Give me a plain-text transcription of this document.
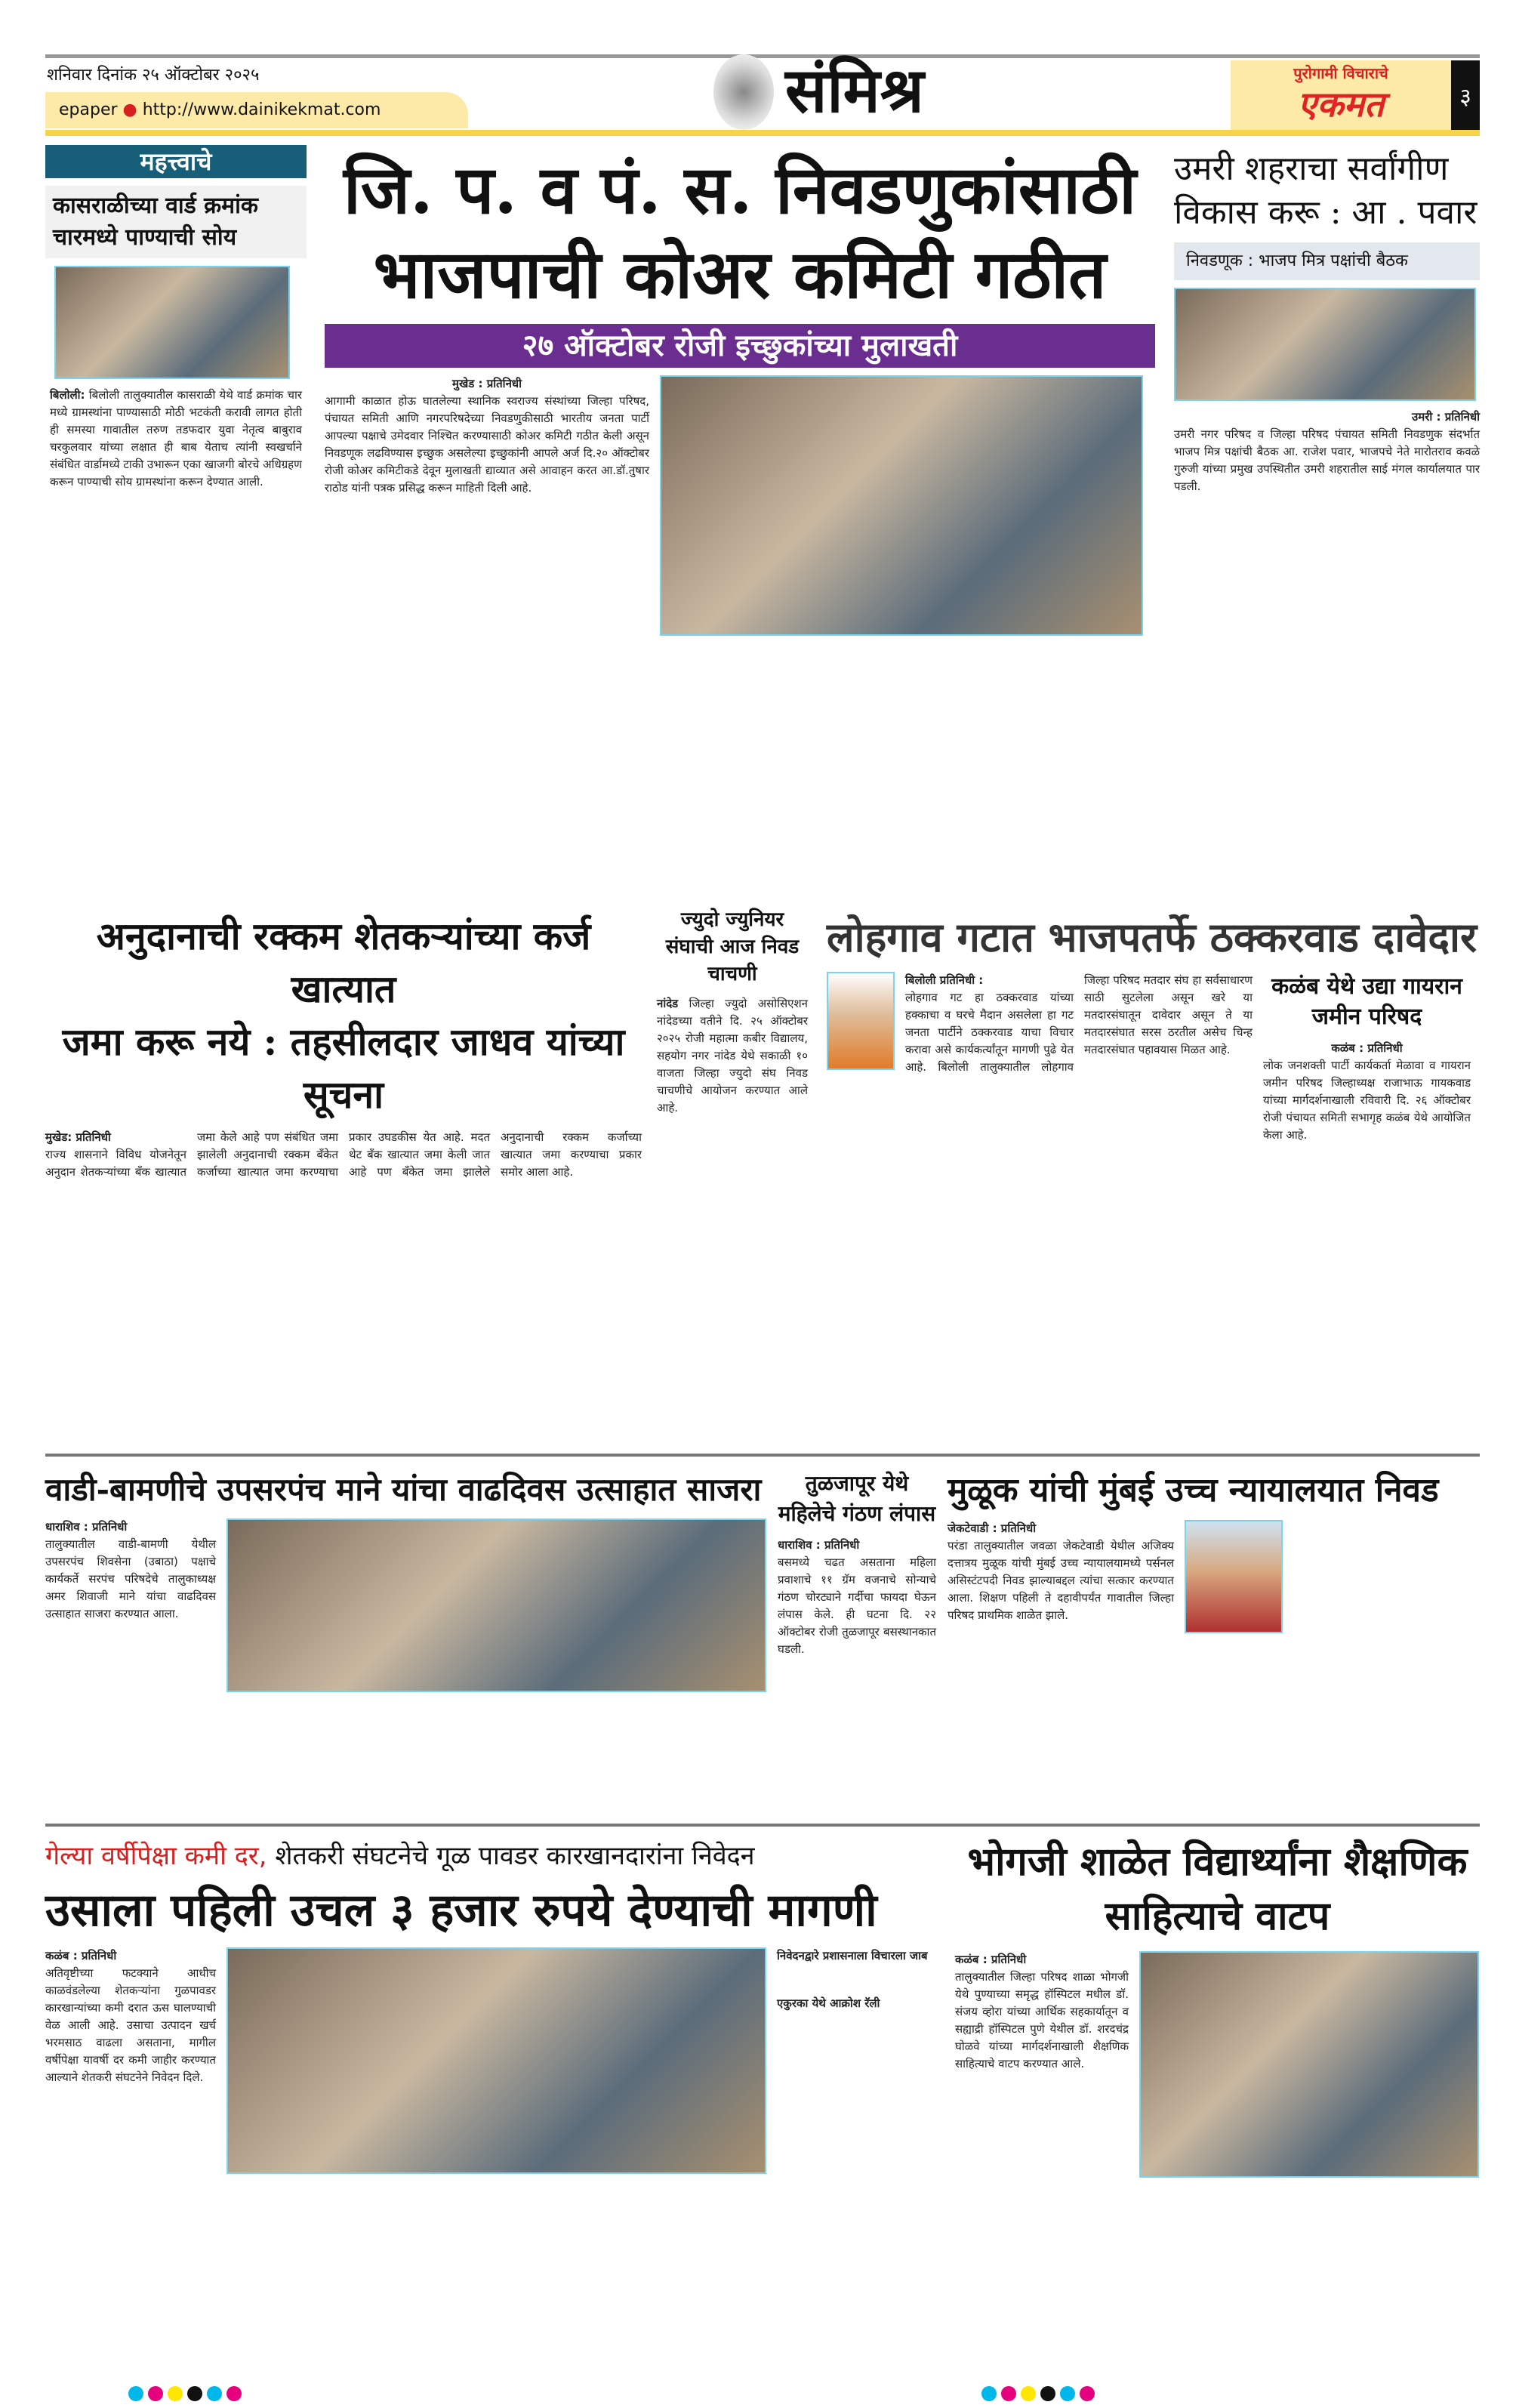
शनिवार दिनांक २५ ऑक्टोबर २०२५
epaper ● http://www.dainikekmat.com	संमिश्र	पुरोगामी विचाराचे
एकमत	३
महत्त्वाचे
कासराळीच्या वार्ड क्रमांक चारमध्ये पाण्याची सोय
बिलोली: बिलोली तालुक्यातील कासराळी येथे वार्ड क्रमांक चार मध्ये ग्रामस्थांना पाण्यासाठी मोठी भटकंती करावी लागत होती ही समस्या गावातील तरुण तडफदार युवा नेतृत्व बाबुराव चरकुलवार यांच्या लक्षात ही बाब येताच त्यांनी स्वखर्चाने संबंधित वार्डामध्ये टाकी उभारून एका खाजगी बोरचे अधिग्रहण करून पाण्याची सोय ग्रामस्थांना करून देण्यात आली.
जि. प. व पं. स. निवडणुकांसाठी
भाजपाची कोअर कमिटी गठीत
२७ ऑक्टोबर रोजी इच्छुकांच्या मुलाखती
मुखेड : प्रतिनिधी
आगामी काळात होऊ घातलेल्या स्थानिक स्वराज्य संस्थांच्या जिल्हा परिषद, पंचायत समिती आणि नगरपरिषदेच्या निवडणुकीसाठी भारतीय जनता पार्टी आपल्या पक्षाचे उमेदवार निश्चित करण्यासाठी कोअर कमिटी गठीत केली असून निवडणूक लढविण्यास इच्छुक असलेल्या इच्छुकांनी आपले अर्ज दि.२० ऑक्टोबर रोजी कोअर कमिटीकडे देवून मुलाखती द्याव्यात असे आवाहन करत आ.डॉ.तुषार राठोड यांनी पत्रक प्रसिद्ध करून माहिती दिली आहे.
उमरी शहराचा सर्वांगीण विकास करू : आ . पवार
निवडणूक : भाजप मित्र पक्षांची बैठक
उमरी : प्रतिनिधी
उमरी नगर परिषद व जिल्हा परिषद पंचायत समिती निवडणुक संदर्भात भाजप मित्र पक्षांची बैठक आ. राजेश पवार, भाजपचे नेते मारोतराव कवळे गुरुजी यांच्या प्रमुख उपस्थितीत उमरी शहरातील साई मंगल कार्यालयात पार पडली.
अनुदानाची रक्कम शेतकऱ्यांच्या कर्ज खात्यात
जमा करू नये : तहसीलदार जाधव यांच्या सूचना
मुखेड: प्रतिनिधी
राज्य शासनाने विविध योजनेतून अनुदान शेतकऱ्यांच्या बँक खात्यात जमा केले आहे पण संबंधित जमा झालेली अनुदानाची रक्कम बँकेत कर्जाच्या खात्यात जमा करण्याचा प्रकार उघडकीस येत आहे. मदत थेट बँक खात्यात जमा केली जात आहे पण बँकेत जमा झालेले अनुदानाची रक्कम कर्जाच्या खात्यात जमा करण्याचा प्रकार समोर आला आहे.
ज्युदो ज्युनियर संघाची आज निवड चाचणी
नांदेड जिल्हा ज्युदो असोसिएशन नांदेडच्या वतीने दि. २५ ऑक्टोबर २०२५ रोजी महात्मा कबीर विद्यालय, सहयोग नगर नांदेड येथे सकाळी १० वाजता जिल्हा ज्युदो संघ निवड चाचणीचे आयोजन करण्यात आले आहे.
लोहगाव गटात भाजपतर्फे ठक्करवाड दावेदार
बिलोली प्रतिनिधी :
लोहगाव गट हा ठक्करवाड यांच्या हक्काचा व घरचे मैदान असलेला हा गट जनता पार्टीने ठक्करवाड याचा विचार करावा असे कार्यकर्त्यांतून मागणी पुढे येत आहे. बिलोली तालुक्यातील लोहगाव जिल्हा परिषद मतदार संघ हा सर्वसाधारण साठी सुटलेला असून खरे या मतदारसंघातून दावेदार असून ते या मतदारसंघात सरस ठरतील असेच चिन्ह मतदारसंघात पहावयास मिळत आहे.
कळंब येथे उद्या गायरान जमीन परिषद
कळंब : प्रतिनिधी
लोक जनशक्ती पार्टी कार्यकर्ता मेळावा व गायरान जमीन परिषद जिल्हाध्यक्ष राजाभाऊ गायकवाड यांच्या मार्गदर्शनाखाली रविवारी दि. २६ ऑक्टोबर रोजी पंचायत समिती सभागृह कळंब येथे आयोजित केला आहे.
वाडी-बामणीचे उपसरपंच माने यांचा वाढदिवस उत्साहात साजरा
धाराशिव : प्रतिनिधी
तालुक्यातील वाडी-बामणी येथील उपसरपंच शिवसेना (उबाठा) पक्षाचे कार्यकर्ते सरपंच परिषदेचे तालुकाध्यक्ष अमर शिवाजी माने यांचा वाढदिवस उत्साहात साजरा करण्यात आला.
तुळजापूर येथे महिलेचे गंठण लंपास
धाराशिव : प्रतिनिधी
बसमध्ये चढत असताना महिला प्रवाशाचे ११ ग्रॅम वजनाचे सोन्याचे गंठण चोरट्याने गर्दीचा फायदा घेऊन लंपास केले. ही घटना दि. २२ ऑक्टोबर रोजी तुळजापूर बसस्थानकात घडली.
मुळूक यांची मुंबई उच्च न्यायालयात निवड
जेकटेवाडी : प्रतिनिधी
परंडा तालुक्यातील जवळा जेकटेवाडी येथील अजिक्य दत्तात्रय मुळूक यांची मुंबई उच्च न्यायालयामध्ये पर्सनल असिस्टंटपदी निवड झाल्याबद्दल त्यांचा सत्कार करण्यात आला. शिक्षण पहिली ते दहावीपर्यंत गावातील जिल्हा परिषद प्राथमिक शाळेत झाले.
गेल्या वर्षीपेक्षा कमी दर, शेतकरी संघटनेचे गूळ पावडर कारखानदारांना निवेदन
उसाला पहिली उचल ३ हजार रुपये देण्याची मागणी
कळंब : प्रतिनिधी
अतिवृष्टीच्या फटक्याने आधीच काळवंडलेल्या शेतकऱ्यांना गुळपावडर कारखान्यांच्या कमी दरात ऊस घालण्याची वेळ आली आहे. उसाचा उत्पादन खर्च भरमसाठ वाढला असताना, मागील वर्षीपेक्षा यावर्षी दर कमी जाहीर करण्यात आल्याने शेतकरी संघटनेने निवेदन दिले.
निवेदनद्वारे प्रशासनाला विचारला जाब
एकुरका येथे आक्रोश रॅली
भोगजी शाळेत विद्यार्थ्यांना शैक्षणिक साहित्याचे वाटप
कळंब : प्रतिनिधी
तालुक्यातील जिल्हा परिषद शाळा भोगजी येथे पुण्याच्या समृद्ध हॉस्पिटल मधील डॉ. संजय व्होरा यांच्या आर्थिक सहकार्यातून व सह्याद्री हॉस्पिटल पुणे येथील डॉ. शरदचंद्र घोळवे यांच्या मार्गदर्शनाखाली शैक्षणिक साहित्याचे वाटप करण्यात आले.
